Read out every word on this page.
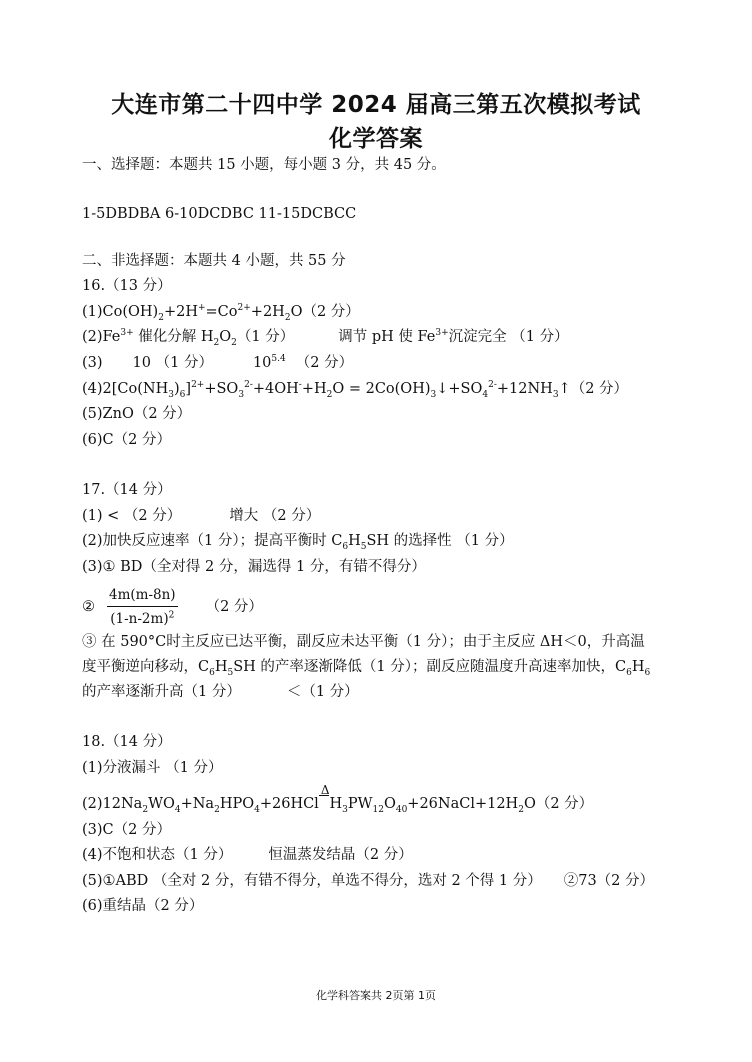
大连市第二十四中学 2024 届高三第五次模拟考试
化学答案
一、选择题：本题共 15 小题，每小题 3 分，共 45 分。
1-5DBDBA 6-10DCDBC 11-15DCBCC
二、非选择题：本题共 4 小题，共 55 分
16.（13 分）
$(1)Co(OH)_2+2H^+=Co^{2+}+2H_2O(2$ 分）
$(2)Fe^{3+}$ 催化分解 $H_2O_2(1$ 分）	调节 pH 使 $Fe^{3+}$沉淀完全 （1 分）
(3) 10 （1 分）	$10^{5.4}$ （2 分）
$(4)2[Co(NH_3)_6]^{2+}+SO_3^{2-}+4OH^-+H_2O$ = $2Co(OH)_3↓+SO_4^{2-}+12NH_3↑(2$ 分）
(5)ZnO（2 分）
(6)C（2 分）
17.（14 分）
(1) < （2 分）	增大 （2 分）
(2)加快反应速率（1 分）；提高平衡时 $C_6H_5SH$ 的选择性 （1 分）
(3)① BD（全对得 2 分，漏选得 1 分，有错不得分）
② $\frac{4m(m-8n)}{(1-n-2m)^2} (2$ 分）
③ 在 590°C时主反应已达平衡，副反应未达平衡（1 分）；由于主反应 ΔH＜0，升高温
度平衡逆向移动，$C_6H_5SH$ 的产率逐渐降低（1 分）；副反应随温度升高速率加快，$C_6H_6$
的产率逐渐升高（1 分）	＜（1 分）
18.（14 分）
(1)分液漏斗 （1 分）
$(2)12Na_2WO_4+Na_2HPO_4+26HCl$
Δ
$H_3PW_{12}O_{40}+26NaCl+12H_2O(2$ 分）
(3)C（2 分）
(4)不饱和状态（1 分） 恒温蒸发结晶（2 分）
(5)①ABD （全对 2 分，有错不得分，单选不得分，选对 2 个得 1 分） ②73（2 分）
(6)重结晶（2 分）
化学科答案共 2页第 1页
